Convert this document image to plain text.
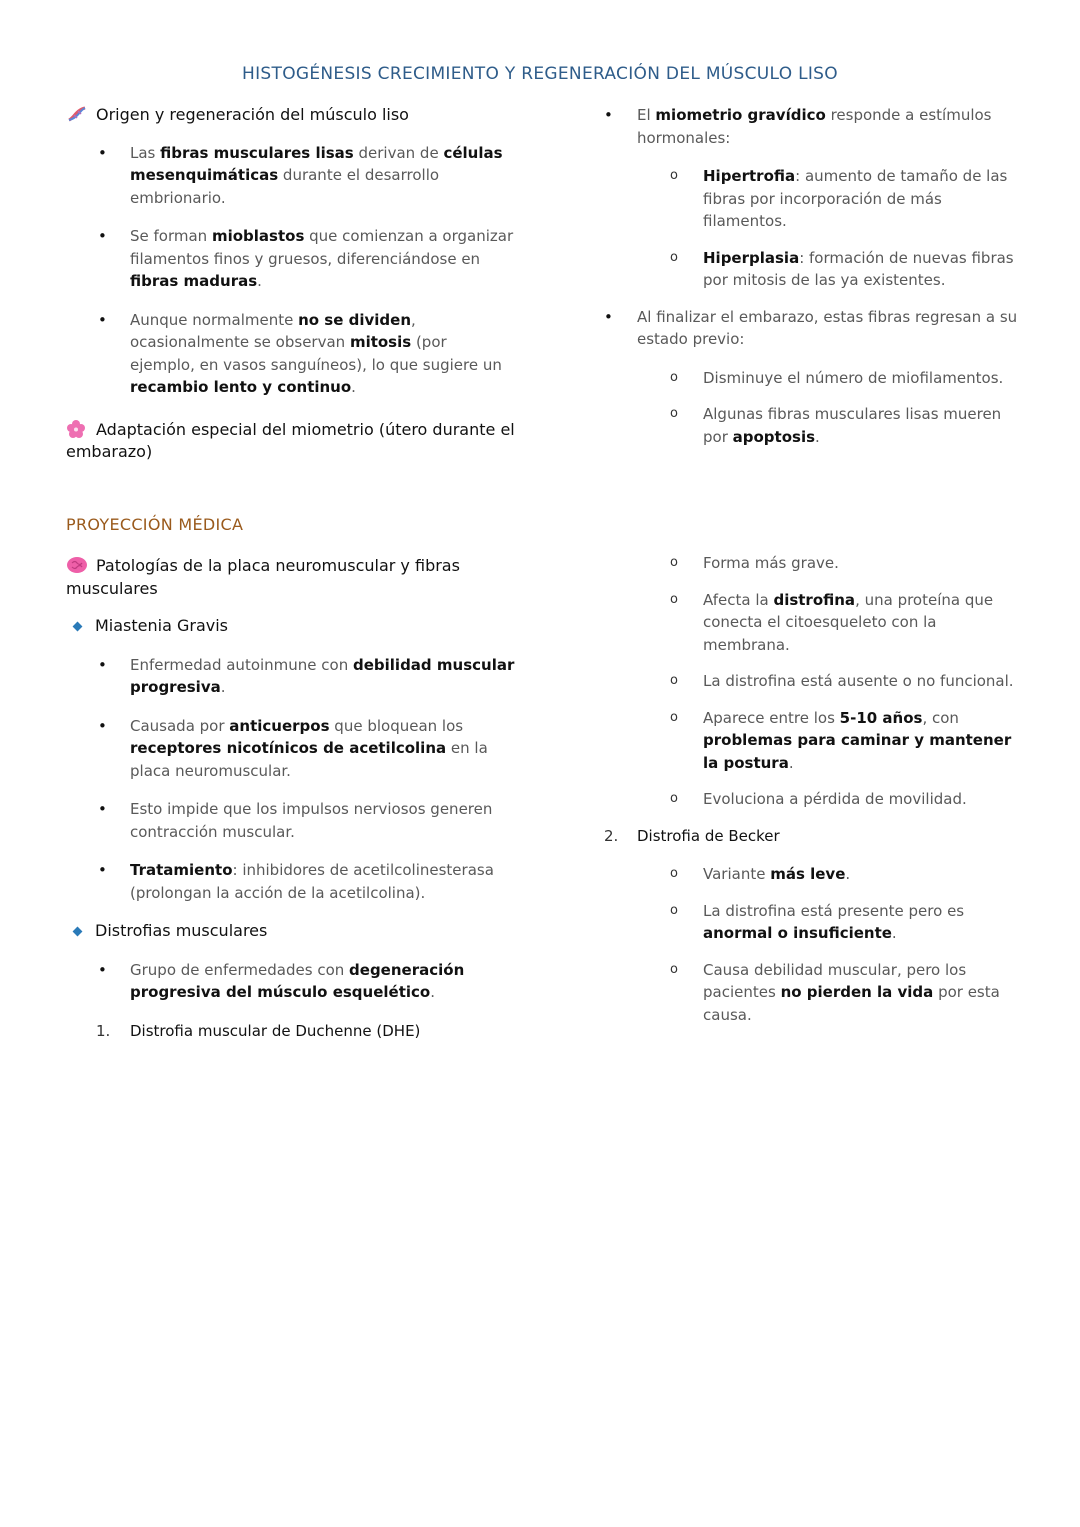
HISTOGÉNESIS CRECIMIENTO Y REGENERACIÓN DEL MÚSCULO LISO
Origen y regeneración del músculo liso
• Las fibras musculares lisas derivan de células mesenquimáticas durante el desarrollo embrionario.
• Se forman mioblastos que comienzan a organizar filamentos finos y gruesos, diferenciándose en fibras maduras.
• Aunque normalmente no se dividen, ocasionalmente se observan mitosis (por ejemplo, en vasos sanguíneos), lo que sugiere un recambio lento y continuo.
Adaptación especial del miometrio (útero durante el embarazo)
• El miometrio gravídico responde a estímulos hormonales:
o Hipertrofia: aumento de tamaño de las fibras por incorporación de más filamentos.
o Hiperplasia: formación de nuevas fibras por mitosis de las ya existentes.
• Al finalizar el embarazo, estas fibras regresan a su estado previo:
o Disminuye el número de miofilamentos.
o Algunas fibras musculares lisas mueren por apoptosis.
PROYECCIÓN MÉDICA
Patologías de la placa neuromuscular y fibras musculares
Miastenia Gravis
• Enfermedad autoinmune con debilidad muscular progresiva.
• Causada por anticuerpos que bloquean los receptores nicotínicos de acetilcolina en la placa neuromuscular.
• Esto impide que los impulsos nerviosos generen contracción muscular.
• Tratamiento: inhibidores de acetilcolinesterasa (prolongan la acción de la acetilcolina).
Distrofias musculares
• Grupo de enfermedades con degeneración progresiva del músculo esquelético.
1. Distrofia muscular de Duchenne (DHE)
o Forma más grave.
o Afecta la distrofina, una proteína que conecta el citoesqueleto con la membrana.
o La distrofina está ausente o no funcional.
o Aparece entre los 5-10 años, con problemas para caminar y mantener la postura.
o Evoluciona a pérdida de movilidad.
2. Distrofia de Becker
o Variante más leve.
o La distrofina está presente pero es anormal o insuficiente.
o Causa debilidad muscular, pero los pacientes no pierden la vida por esta causa.
